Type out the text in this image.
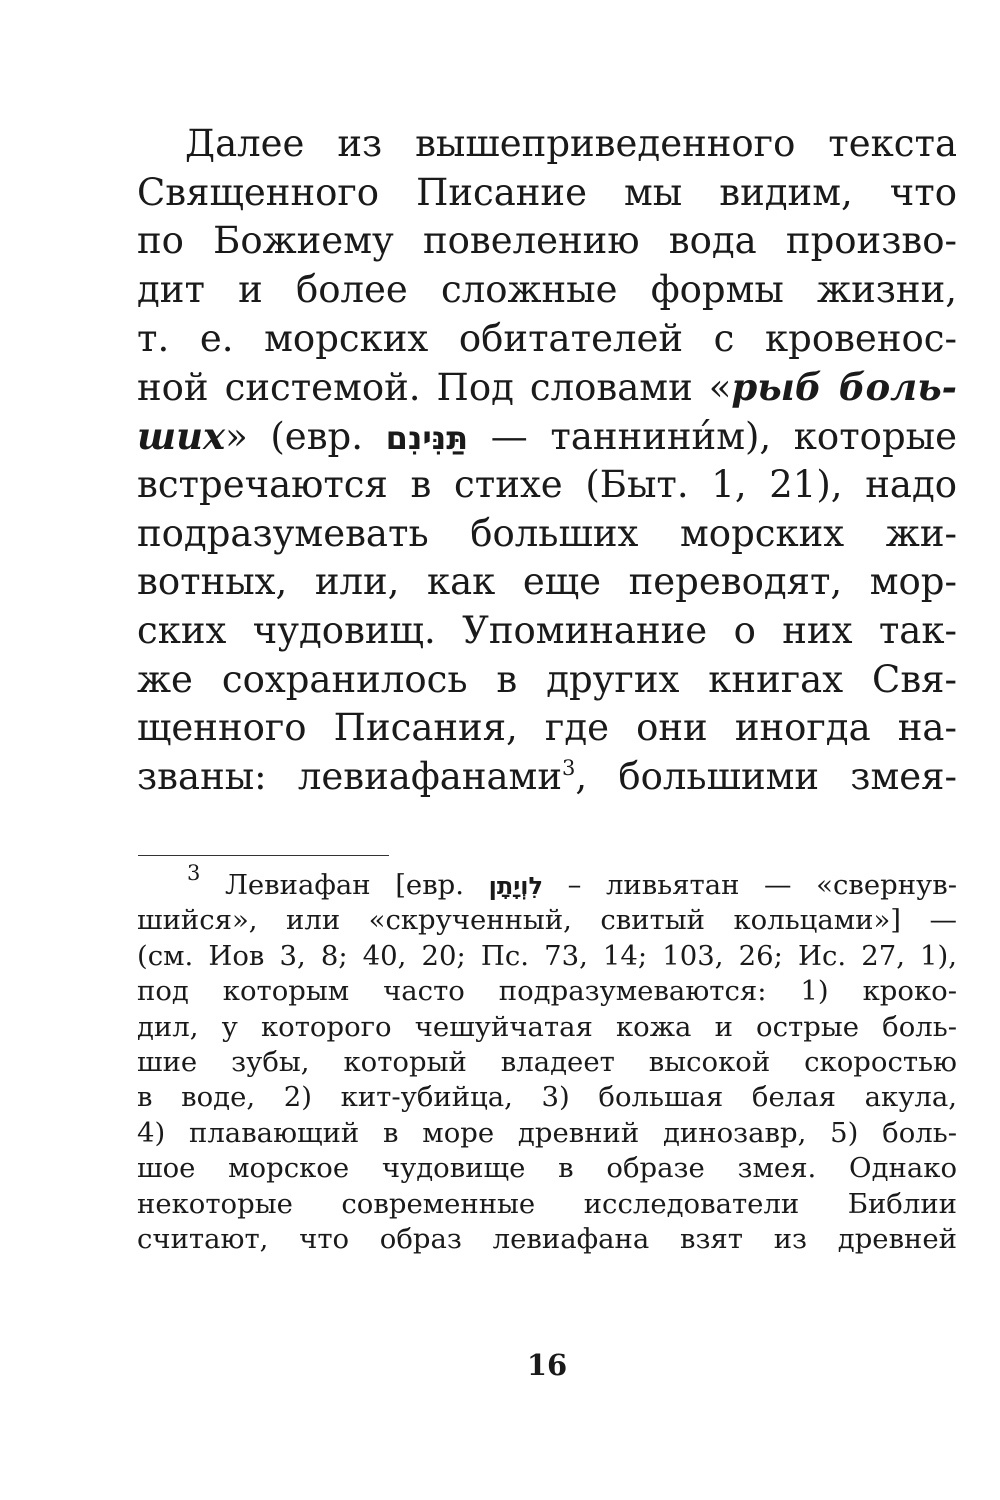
Далее из вышеприведенного текста
Священного Писание мы видим, что
по Божиему повелению вода произво-
дит и более сложные формы жизни,
т. е. морских обитателей с кровенос-
ной системой. Под словами «рыб боль-
ших» (евр. תַּנִּינִם — таннини́м), которые
встречаются в стихе (Быт. 1, 21), надо
подразумевать больших морских жи-
вотных, или, как еще переводят, мор-
ских чудовищ. Упоминание о них так-
же сохранилось в других книгах Свя-
щенного Писания, где они иногда на-
званы: левиафанами$^3$, большими змея-
$^3$ Левиафан [евр. לִוְיָתָן – ливьятан — «свернув-
шийся», или «скрученный, свитый кольцами»] —
(см. Иов 3, 8; 40, 20; Пс. 73, 14; 103, 26; Ис. 27, 1),
под которым часто подразумеваются: 1) кроко-
дил, у которого чешуйчатая кожа и острые боль-
шие зубы, который владеет высокой скоростью
в воде, 2) кит-убийца, 3) большая белая акула,
4) плавающий в море древний динозавр, 5) боль-
шое морское чудовище в образе змея. Однако
некоторые современные исследователи Библии
считают, что образ левиафана взят из древней
16
